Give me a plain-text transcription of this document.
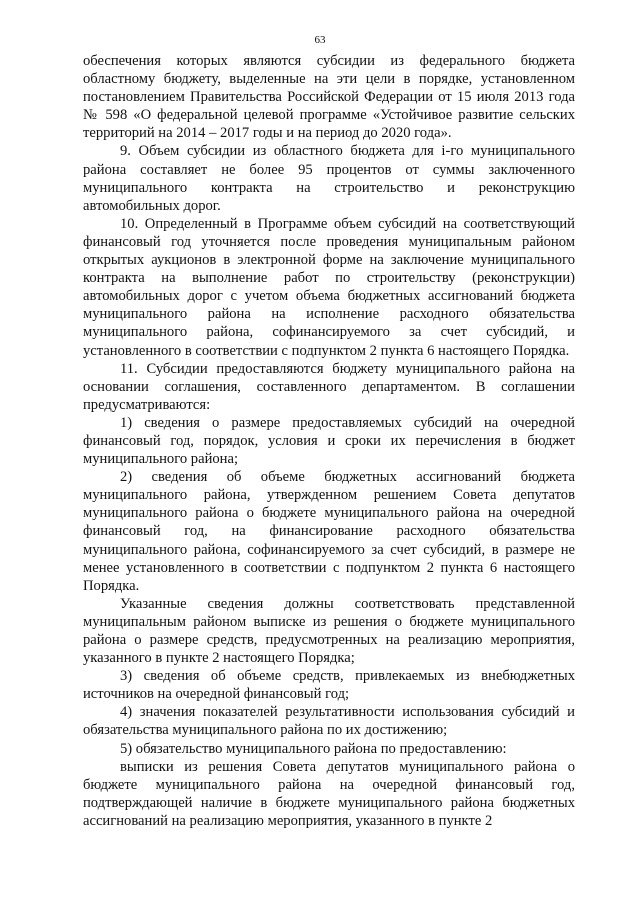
63

обеспечения которых являются субсидии из федерального бюджета областному бюджету, выделенные на эти цели в порядке, установленном постановлением Правительства Российской Федерации от 15 июля 2013 года № 598 «О федеральной целевой программе «Устойчивое развитие сельских территорий на 2014 – 2017 годы и на период до 2020 года».

9. Объем субсидии из областного бюджета для i-го муниципального района составляет не более 95 процентов от суммы заключенного муниципального контракта на строительство и реконструкцию автомобильных дорог.

10. Определенный в Программе объем субсидий на соответствующий финансовый год уточняется после проведения муниципальным районом открытых аукционов в электронной форме на заключение муниципального контракта на выполнение работ по строительству (реконструкции) автомобильных дорог с учетом объема бюджетных ассигнований бюджета муниципального района на исполнение расходного обязательства муниципального района, софинансируемого за счет субсидий, и установленного в соответствии с подпунктом 2 пункта 6 настоящего Порядка.

11. Субсидии предоставляются бюджету муниципального района на основании соглашения, составленного департаментом. В соглашении предусматриваются:

1) сведения о размере предоставляемых субсидий на очередной финансовый год, порядок, условия и сроки их перечисления в бюджет муниципального района;

2) сведения об объеме бюджетных ассигнований бюджета муниципального района, утвержденном решением Совета депутатов муниципального района о бюджете муниципального района на очередной финансовый год, на финансирование расходного обязательства муниципального района, софинансируемого за счет субсидий, в размере не менее установленного в соответствии с подпунктом 2 пункта 6 настоящего Порядка.

Указанные сведения должны соответствовать представленной муниципальным районом выписке из решения о бюджете муниципального района о размере средств, предусмотренных на реализацию мероприятия, указанного в пункте 2 настоящего Порядка;

3) сведения об объеме средств, привлекаемых из внебюджетных источников на очередной финансовый год;

4) значения показателей результативности использования субсидий и обязательства муниципального района по их достижению;

5) обязательство муниципального района по предоставлению:

выписки из решения Совета депутатов муниципального района о бюджете муниципального района на очередной финансовый год, подтверждающей наличие в бюджете муниципального района бюджетных ассигнований на реализацию мероприятия, указанного в пункте 2
